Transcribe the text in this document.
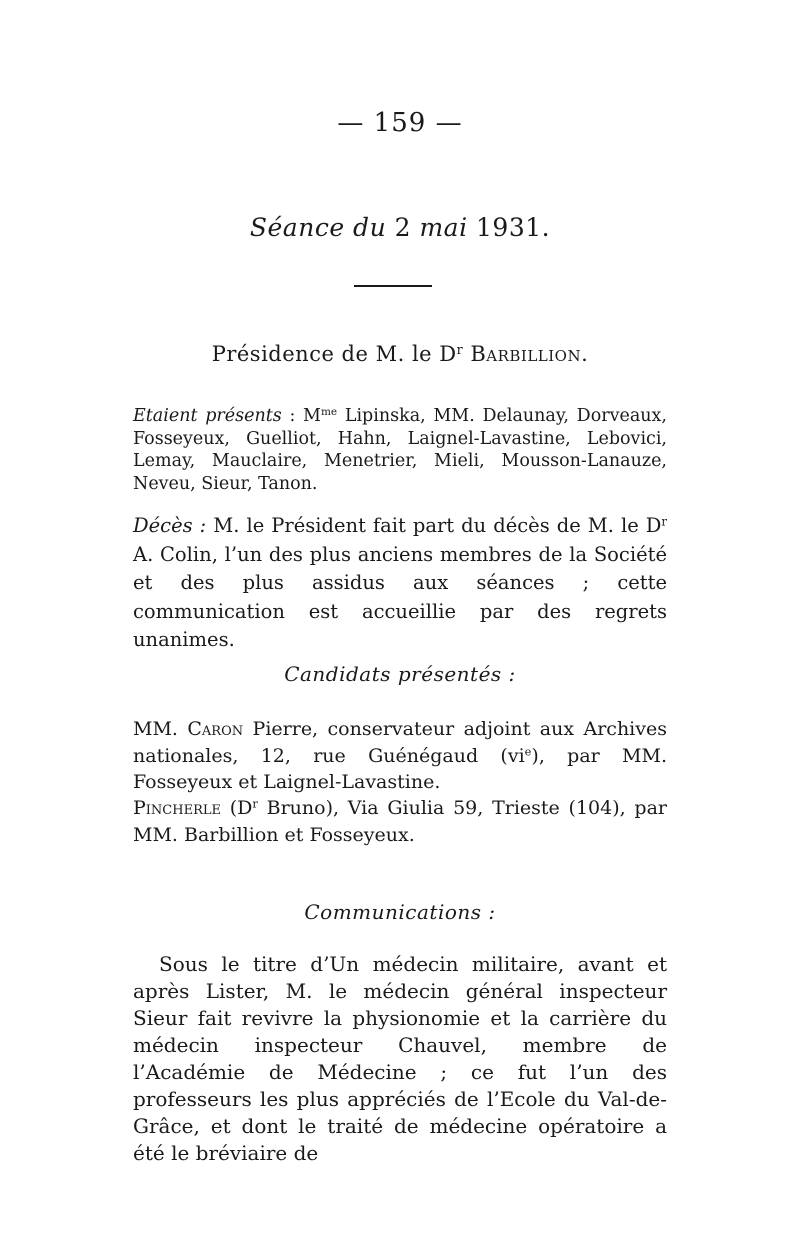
— 159 —
Séance du 2 mai 1931.
Présidence de M. le $D^r$ Barbillion.
Etaient présents : $M^{me}$ Lipinska, MM. Delaunay, Dorveaux, Fosseyeux, Guelliot, Hahn, Laignel-Lavastine, Lebovici, Lemay, Mauclaire, Menetrier, Mieli, Mousson-Lanauze, Neveu, Sieur, Tanon.
Décès : M. le Président fait part du décès de M. le $D^r$ A. Colin, l’un des plus anciens membres de la Société et des plus assidus aux séances ; cette communication est accueillie par des regrets unanimes.
Candidats présentés :
MM. Caron Pierre, conservateur adjoint aux Archives nationales, 12, rue Guénégaud $(vi^e)$, par MM. Fosseyeux et Laignel-Lavastine.
Pincherle ($D^r$ Bruno), Via Giulia 59, Trieste (104), par MM. Barbillion et Fosseyeux.
Communications :
Sous le titre d’Un médecin militaire, avant et après Lister, M. le médecin général inspecteur Sieur fait revivre la physionomie et la carrière du médecin inspecteur Chauvel, membre de l’Académie de Médecine ; ce fut l’un des professeurs les plus appréciés de l’Ecole du Val-de-Grâce, et dont le traité de médecine opératoire a été le bréviaire de
